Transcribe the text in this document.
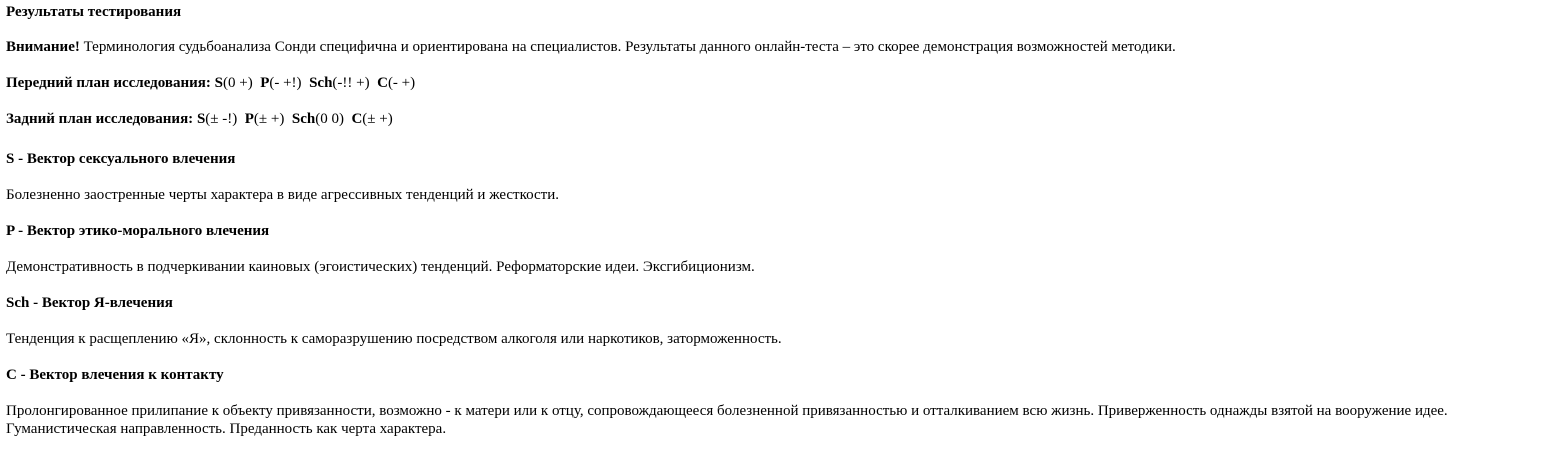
Результаты тестирования
Внимание! Терминология судьбоанализа Сонди специфична и ориентирована на специалистов. Результаты данного онлайн-теста – это скорее демонстрация возможностей методики.
Передний план исследования: S(0 +) P(- +!) Sch(-!! +) C(- +)
Задний план исследования: S(± -!) P(± +) Sch(0 0) C(± +)
S - Вектор сексуального влечения
Болезненно заостренные черты характера в виде агрессивных тенденций и жесткости.
P - Вектор этико-морального влечения
Демонстративность в подчеркивании каиновых (эгоистических) тенденций. Реформаторские идеи. Эксгибиционизм.
Sch - Вектор Я-влечения
Тенденция к расщеплению «Я», склонность к саморазрушению посредством алкоголя или наркотиков, заторможенность.
C - Вектор влечения к контакту
Пролонгированное прилипание к объекту привязанности, возможно - к матери или к отцу, сопровождающееся болезненной привязанностью и отталкиванием всю жизнь. Приверженность однажды взятой на вооружение идее. Гуманистическая направленность. Преданность как черта характера.
